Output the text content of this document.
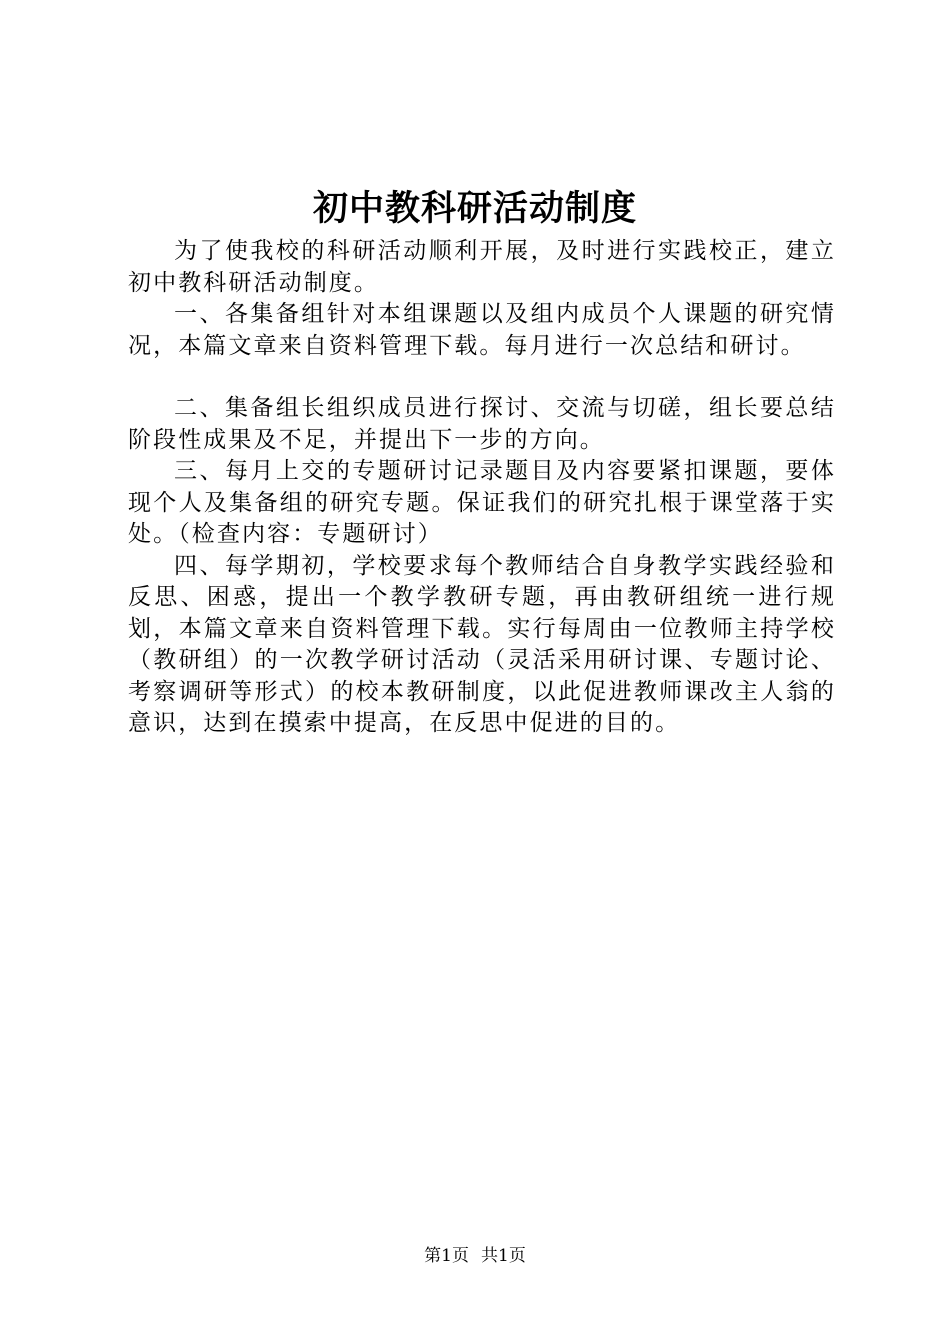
初中教科研活动制度

为了使我校的科研活动顺利开展，及时进行实践校正，建立初中教科研活动制度。

一、各集备组针对本组课题以及组内成员个人课题的研究情况，本篇文章来自资料管理下载。每月进行一次总结和研讨。

二、集备组长组织成员进行探讨、交流与切磋，组长要总结阶段性成果及不足，并提出下一步的方向。

三、每月上交的专题研讨记录题目及内容要紧扣课题，要体现个人及集备组的研究专题。保证我们的研究扎根于课堂落于实处。（检查内容：专题研讨）

四、每学期初，学校要求每个教师结合自身教学实践经验和反思、困惑，提出一个教学教研专题，再由教研组统一进行规划，本篇文章来自资料管理下载。实行每周由一位教师主持学校（教研组）的一次教学研讨活动（灵活采用研讨课、专题讨论、考察调研等形式）的校本教研制度，以此促进教师课改主人翁的意识，达到在摸索中提高，在反思中促进的目的。

第1页 共1页
